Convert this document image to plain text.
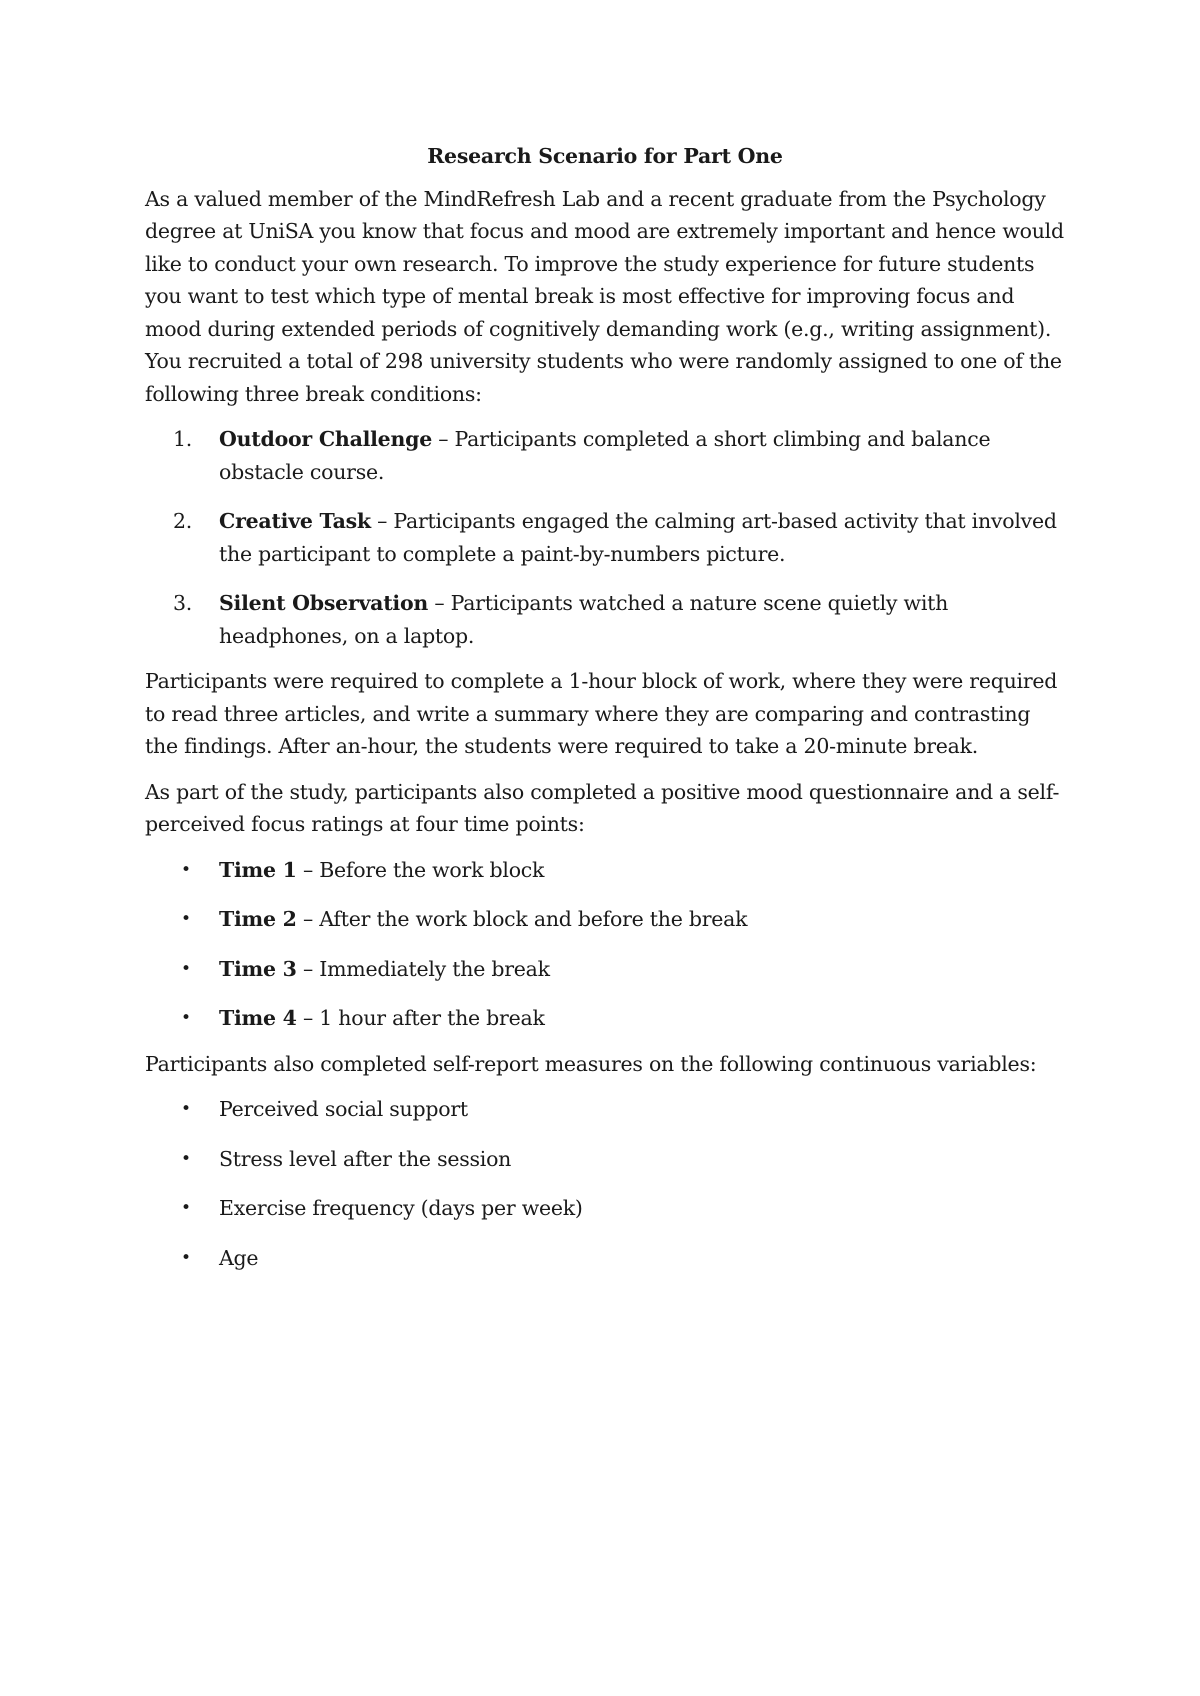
Research Scenario for Part One

As a valued member of the MindRefresh Lab and a recent graduate from the Psychology degree at UniSA you know that focus and mood are extremely important and hence would like to conduct your own research. To improve the study experience for future students you want to test which type of mental break is most effective for improving focus and mood during extended periods of cognitively demanding work (e.g., writing assignment). You recruited a total of 298 university students who were randomly assigned to one of the following three break conditions:

1. Outdoor Challenge – Participants completed a short climbing and balance obstacle course.
2. Creative Task – Participants engaged the calming art-based activity that involved the participant to complete a paint-by-numbers picture.
3. Silent Observation – Participants watched a nature scene quietly with headphones, on a laptop.

Participants were required to complete a 1-hour block of work, where they were required to read three articles, and write a summary where they are comparing and contrasting the findings. After an-hour, the students were required to take a 20-minute break.

As part of the study, participants also completed a positive mood questionnaire and a self-perceived focus ratings at four time points:

• Time 1 – Before the work block
• Time 2 – After the work block and before the break
• Time 3 – Immediately the break
• Time 4 – 1 hour after the break

Participants also completed self-report measures on the following continuous variables:

• Perceived social support
• Stress level after the session
• Exercise frequency (days per week)
• Age
